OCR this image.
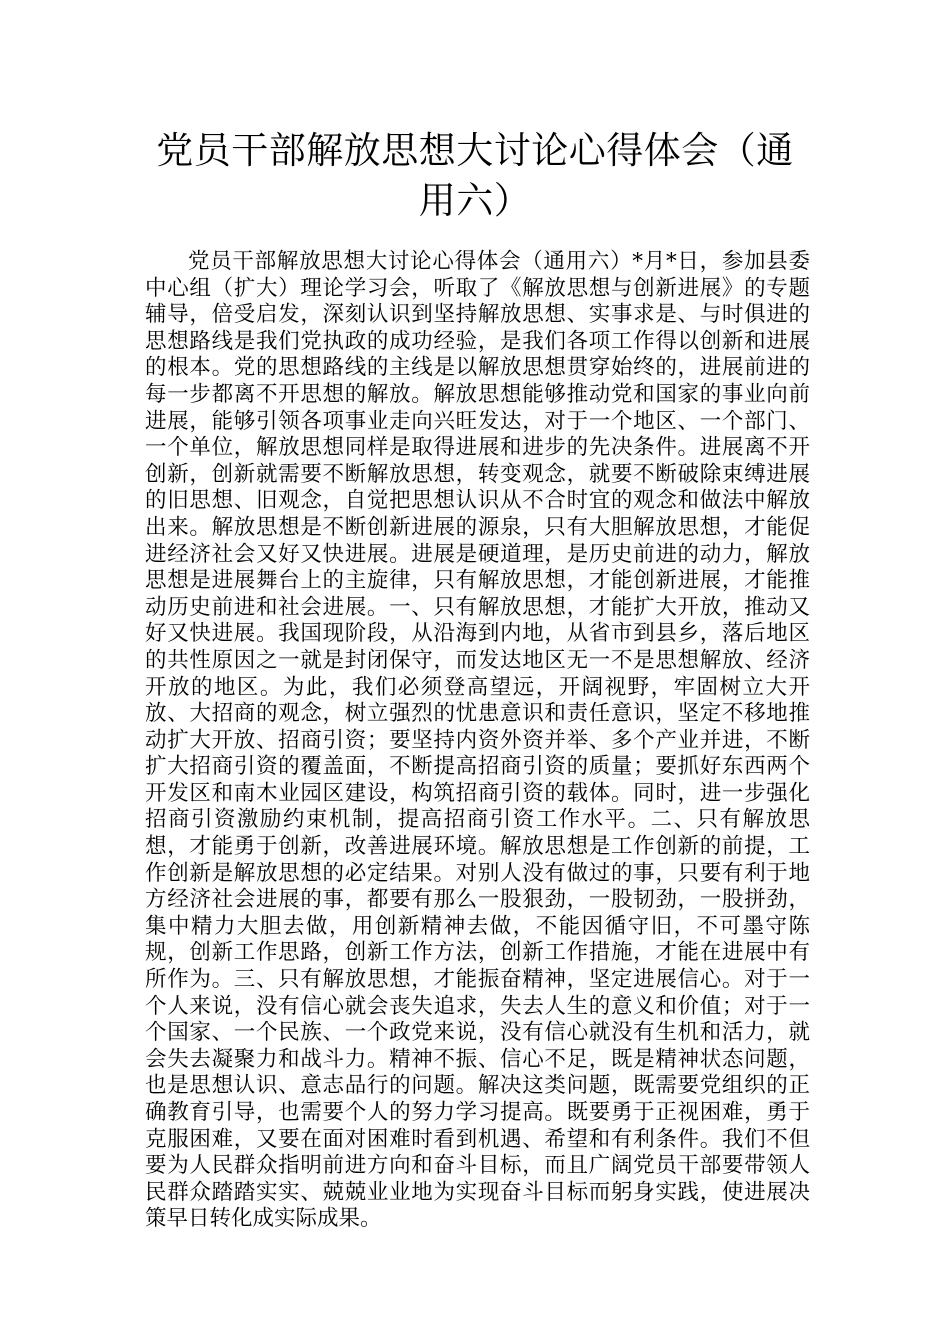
党员干部解放思想大讨论心得体会（通用六）

党员干部解放思想大讨论心得体会（通用六）*月*日，参加县委中心组（扩大）理论学习会，听取了《解放思想与创新进展》的专题辅导，倍受启发，深刻认识到坚持解放思想、实事求是、与时俱进的思想路线是我们党执政的成功经验，是我们各项工作得以创新和进展的根本。党的思想路线的主线是以解放思想贯穿始终的，进展前进的每一步都离不开思想的解放。解放思想能够推动党和国家的事业向前进展，能够引领各项事业走向兴旺发达，对于一个地区、一个部门、一个单位，解放思想同样是取得进展和进步的先决条件。进展离不开创新，创新就需要不断解放思想，转变观念，就要不断破除束缚进展的旧思想、旧观念，自觉把思想认识从不合时宜的观念和做法中解放出来。解放思想是不断创新进展的源泉，只有大胆解放思想，才能促进经济社会又好又快进展。进展是硬道理，是历史前进的动力，解放思想是进展舞台上的主旋律，只有解放思想，才能创新进展，才能推动历史前进和社会进展。一、只有解放思想，才能扩大开放，推动又好又快进展。我国现阶段，从沿海到内地，从省市到县乡，落后地区的共性原因之一就是封闭保守，而发达地区无一不是思想解放、经济开放的地区。为此，我们必须登高望远，开阔视野，牢固树立大开放、大招商的观念，树立强烈的忧患意识和责任意识，坚定不移地推动扩大开放、招商引资；要坚持内资外资并举、多个产业并进，不断扩大招商引资的覆盖面，不断提高招商引资的质量；要抓好东西两个开发区和南木业园区建设，构筑招商引资的载体。同时，进一步强化招商引资激励约束机制，提高招商引资工作水平。二、只有解放思想，才能勇于创新，改善进展环境。解放思想是工作创新的前提，工作创新是解放思想的必定结果。对别人没有做过的事，只要有利于地方经济社会进展的事，都要有那么一股狠劲，一股韧劲，一股拼劲，集中精力大胆去做，用创新精神去做，不能因循守旧，不可墨守陈规，创新工作思路，创新工作方法，创新工作措施，才能在进展中有所作为。三、只有解放思想，才能振奋精神，坚定进展信心。对于一个人来说，没有信心就会丧失追求，失去人生的意义和价值；对于一个国家、一个民族、一个政党来说，没有信心就没有生机和活力，就会失去凝聚力和战斗力。精神不振、信心不足，既是精神状态问题，也是思想认识、意志品行的问题。解决这类问题，既需要党组织的正确教育引导，也需要个人的努力学习提高。既要勇于正视困难，勇于克服困难，又要在面对困难时看到机遇、希望和有利条件。我们不但要为人民群众指明前进方向和奋斗目标，而且广阔党员干部要带领人民群众踏踏实实、兢兢业业地为实现奋斗目标而躬身实践，使进展决策早日转化成实际成果。
